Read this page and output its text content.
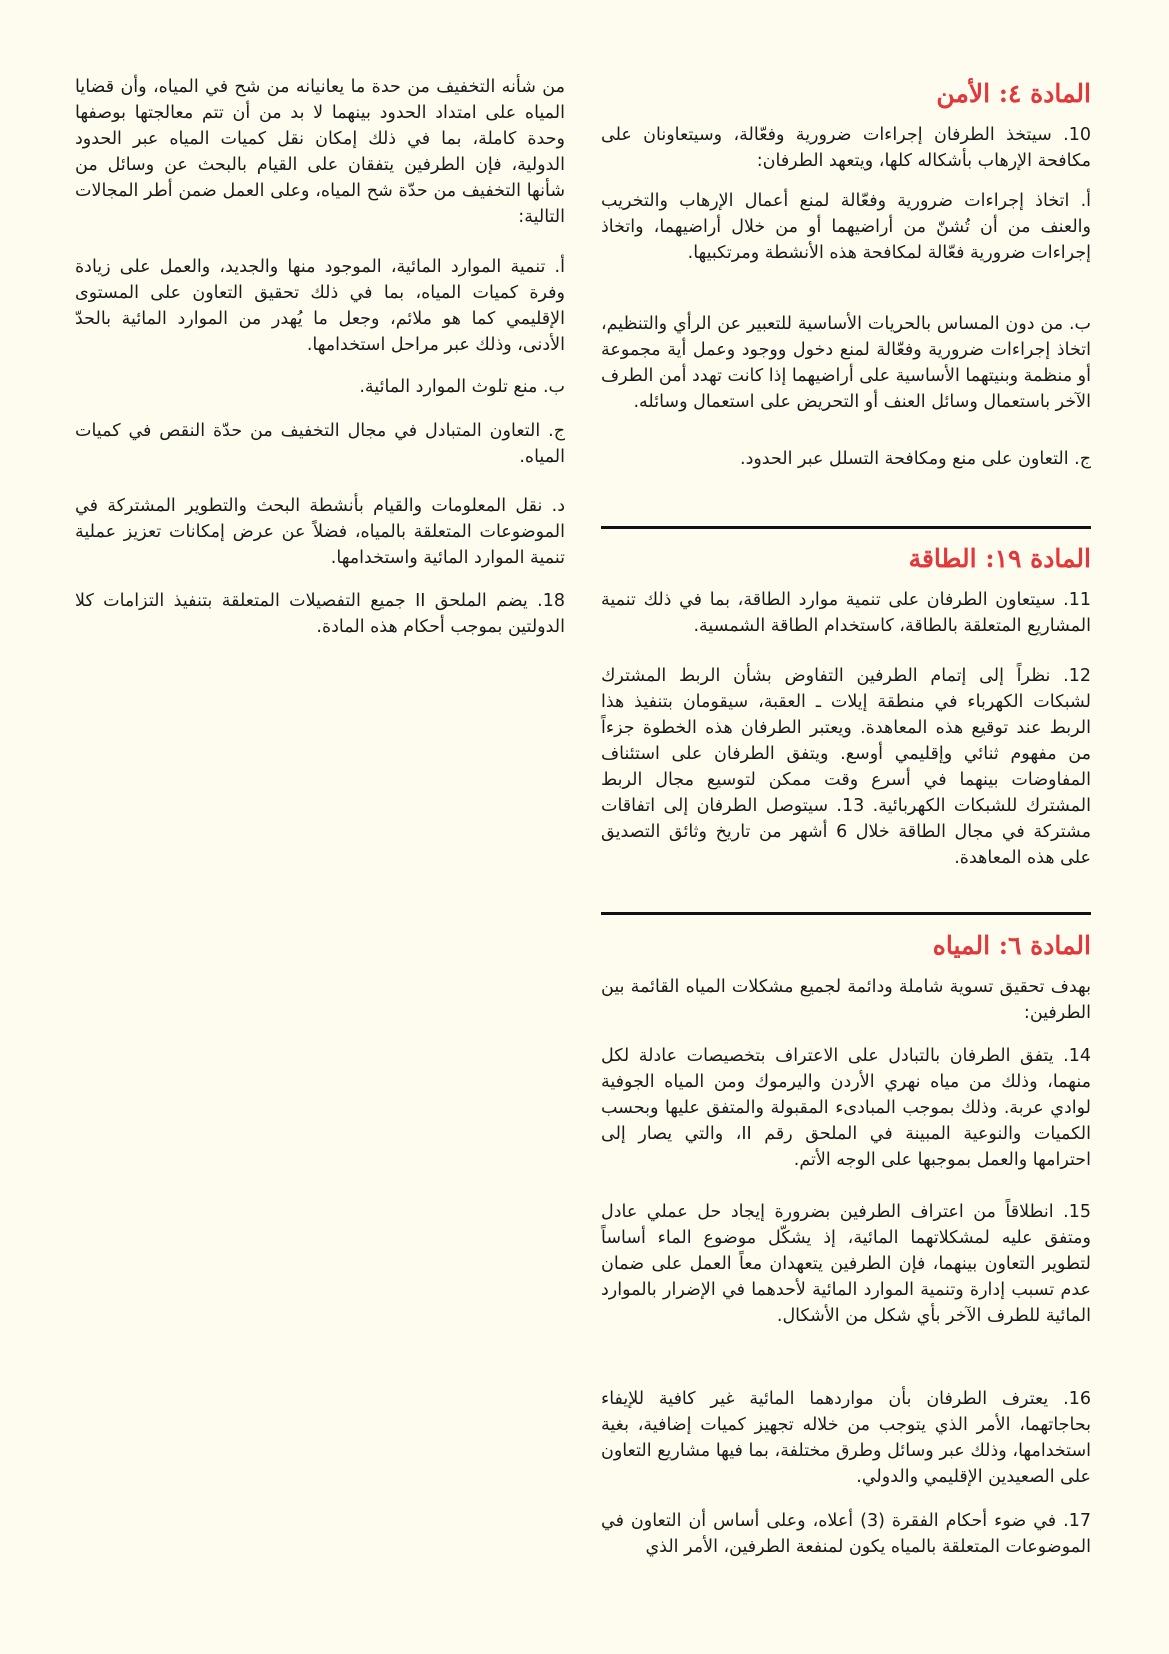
المادة ٤: الأمن

10. سيتخذ الطرفان إجراءات ضرورية وفعّالة، وسيتعاونان على مكافحة الإرهاب بأشكاله كلها، ويتعهد الطرفان:

أ. اتخاذ إجراءات ضرورية وفعّالة لمنع أعمال الإرهاب والتخريب والعنف من أن تُشنّ من أراضيهما أو من خلال أراضيهما، واتخاذ إجراءات ضرورية فعّالة لمكافحة هذه الأنشطة ومرتكبيها.

ب. من دون المساس بالحريات الأساسية للتعبير عن الرأي والتنظيم، اتخاذ إجراءات ضرورية وفعّالة لمنع دخول ووجود وعمل أية مجموعة أو منظمة وبنيتهما الأساسية على أراضيهما إذا كانت تهدد أمن الطرف الآخر باستعمال وسائل العنف أو التحريض على استعمال وسائله.

ج. التعاون على منع ومكافحة التسلل عبر الحدود.

المادة ١٩: الطاقة

11. سيتعاون الطرفان على تنمية موارد الطاقة، بما في ذلك تنمية المشاريع المتعلقة بالطاقة، كاستخدام الطاقة الشمسية.

12. نظراً إلى إتمام الطرفين التفاوض بشأن الربط المشترك لشبكات الكهرباء في منطقة إيلات ـ العقبة، سيقومان بتنفيذ هذا الربط عند توقيع هذه المعاهدة. ويعتبر الطرفان هذه الخطوة جزءاً من مفهوم ثنائي وإقليمي أوسع. ويتفق الطرفان على استئناف المفاوضات بينهما في أسرع وقت ممكن لتوسيع مجال الربط المشترك للشبكات الكهربائية. 13. سيتوصل الطرفان إلى اتفاقات مشتركة في مجال الطاقة خلال 6 أشهر من تاريخ وثائق التصديق على هذه المعاهدة.

المادة ٦: المياه

بهدف تحقيق تسوية شاملة ودائمة لجميع مشكلات المياه القائمة بين الطرفين:

14. يتفق الطرفان بالتبادل على الاعتراف بتخصيصات عادلة لكل منهما، وذلك من مياه نهري الأردن واليرموك ومن المياه الجوفية لوادي عربة. وذلك بموجب المبادىء المقبولة والمتفق عليها وبحسب الكميات والنوعية المبينة في الملحق رقم II، والتي يصار إلى احترامها والعمل بموجبها على الوجه الأتم.

15. انطلاقاً من اعتراف الطرفين بضرورة إيجاد حل عملي عادل ومتفق عليه لمشكلاتهما المائية، إذ يشكّل موضوع الماء أساساً لتطوير التعاون بينهما، فإن الطرفين يتعهدان معاً العمل على ضمان عدم تسبب إدارة وتنمية الموارد المائية لأحدهما في الإضرار بالموارد المائية للطرف الآخر بأي شكل من الأشكال.

16. يعترف الطرفان بأن مواردهما المائية غير كافية للإيفاء بحاجاتهما، الأمر الذي يتوجب من خلاله تجهيز كميات إضافية، بغية استخدامها، وذلك عبر وسائل وطرق مختلفة، بما فيها مشاريع التعاون على الصعيدين الإقليمي والدولي.

17. في ضوء أحكام الفقرة (3) أعلاه، وعلى أساس أن التعاون في الموضوعات المتعلقة بالمياه يكون لمنفعة الطرفين، الأمر الذي

من شأنه التخفيف من حدة ما يعانيانه من شح في المياه، وأن قضايا المياه على امتداد الحدود بينهما لا بد من أن تتم معالجتها بوصفها وحدة كاملة، بما في ذلك إمكان نقل كميات المياه عبر الحدود الدولية، فإن الطرفين يتفقان على القيام بالبحث عن وسائل من شأنها التخفيف من حدّة شح المياه، وعلى العمل ضمن أطر المجالات التالية:

أ. تنمية الموارد المائية، الموجود منها والجديد، والعمل على زيادة وفرة كميات المياه، بما في ذلك تحقيق التعاون على المستوى الإقليمي كما هو ملائم، وجعل ما يُهدر من الموارد المائية بالحدّ الأدنى، وذلك عبر مراحل استخدامها.

ب. منع تلوث الموارد المائية.

ج. التعاون المتبادل في مجال التخفيف من حدّة النقص في كميات المياه.

د. نقل المعلومات والقيام بأنشطة البحث والتطوير المشتركة في الموضوعات المتعلقة بالمياه، فضلاً عن عرض إمكانات تعزيز عملية تنمية الموارد المائية واستخدامها.

18. يضم الملحق II جميع التفصيلات المتعلقة بتنفيذ التزامات كلا الدولتين بموجب أحكام هذه المادة.
